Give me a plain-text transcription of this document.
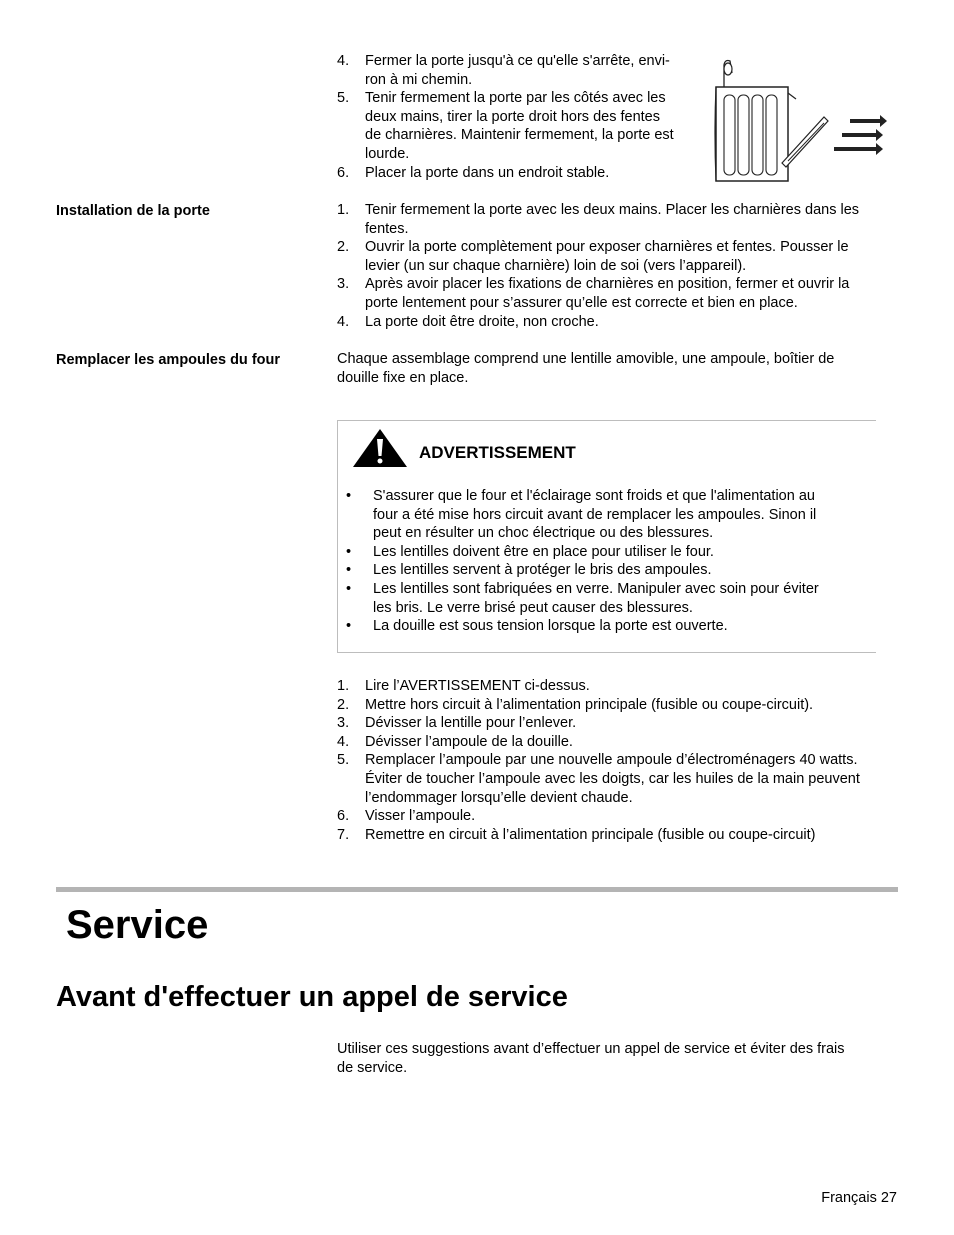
4. Fermer la porte jusqu'à ce qu'elle s'arrête, envi-
ron à mi chemin.
5. Tenir fermement la porte par les côtés avec les
deux mains, tirer la porte droit hors des fentes
de charnières. Maintenir fermement, la porte est
lourde.
6. Placer la porte dans un endroit stable.
Installation de la porte	1. Tenir fermement la porte avec les deux mains. Placer les charnières dans les
fentes.
2. Ouvrir la porte complètement pour exposer charnières et fentes. Pousser le
levier (un sur chaque charnière) loin de soi (vers l’appareil).
3. Après avoir placer les fixations de charnières en position, fermer et ouvrir la
porte lentement pour s’assurer qu’elle est correcte et bien en place.
4. La porte doit être droite, non croche.
Remplacer les ampoules du four	Chaque assemblage comprend une lentille amovible, une ampoule, boîtier de
douille fixe en place.
ADVERTISSEMENT
• S'assurer que le four et l'éclairage sont froids et que l'alimentation au
four a été mise hors circuit avant de remplacer les ampoules. Sinon il
peut en résulter un choc électrique ou des blessures.
• Les lentilles doivent être en place pour utiliser le four.
• Les lentilles servent à protéger le bris des ampoules.
• Les lentilles sont fabriquées en verre. Manipuler avec soin pour éviter
les bris. Le verre brisé peut causer des blessures.
• La douille est sous tension lorsque la porte est ouverte.
1. Lire l’AVERTISSEMENT ci-dessus.
2. Mettre hors circuit à l’alimentation principale (fusible ou coupe-circuit).
3. Dévisser la lentille pour l’enlever.
4. Dévisser l’ampoule de la douille.
5. Remplacer l’ampoule par une nouvelle ampoule d’électroménagers 40 watts.
Éviter de toucher l’ampoule avec les doigts, car les huiles de la main peuvent
l’endommager lorsqu’elle devient chaude.
6. Visser l’ampoule.
7. Remettre en circuit à l’alimentation principale (fusible ou coupe-circuit)
Service
Avant d'effectuer un appel de service
Utiliser ces suggestions avant d’effectuer un appel de service et éviter des frais
de service.
Français 27
